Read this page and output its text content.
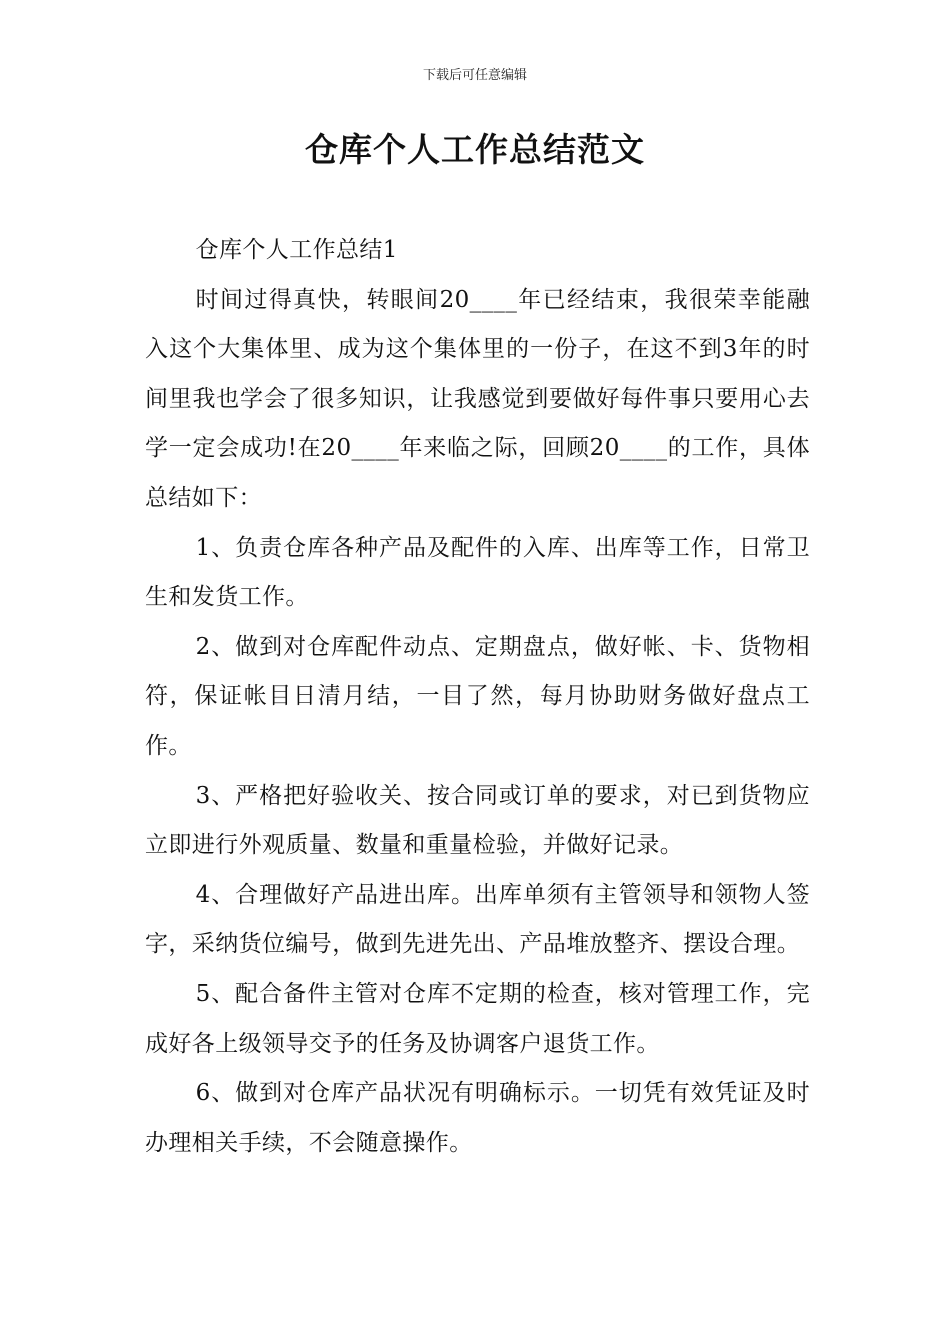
下载后可任意编辑
仓库个人工作总结范文

仓库个人工作总结1

时间过得真快，转眼间20____年已经结束，我很荣幸能融入这个大集体里、成为这个集体里的一份子，在这不到3年的时间里我也学会了很多知识，让我感觉到要做好每件事只要用心去学一定会成功!在20____年来临之际，回顾20____的工作，具体总结如下：

1、负责仓库各种产品及配件的入库、出库等工作，日常卫生和发货工作。

2、做到对仓库配件动点、定期盘点，做好帐、卡、货物相符，保证帐目日清月结，一目了然，每月协助财务做好盘点工作。

3、严格把好验收关、按合同或订单的要求，对已到货物应立即进行外观质量、数量和重量检验，并做好记录。

4、合理做好产品进出库。出库单须有主管领导和领物人签字，采纳货位编号，做到先进先出、产品堆放整齐、摆设合理。

5、配合备件主管对仓库不定期的检查，核对管理工作，完成好各上级领导交予的任务及协调客户退货工作。

6、做到对仓库产品状况有明确标示。一切凭有效凭证及时办理相关手续，不会随意操作。
